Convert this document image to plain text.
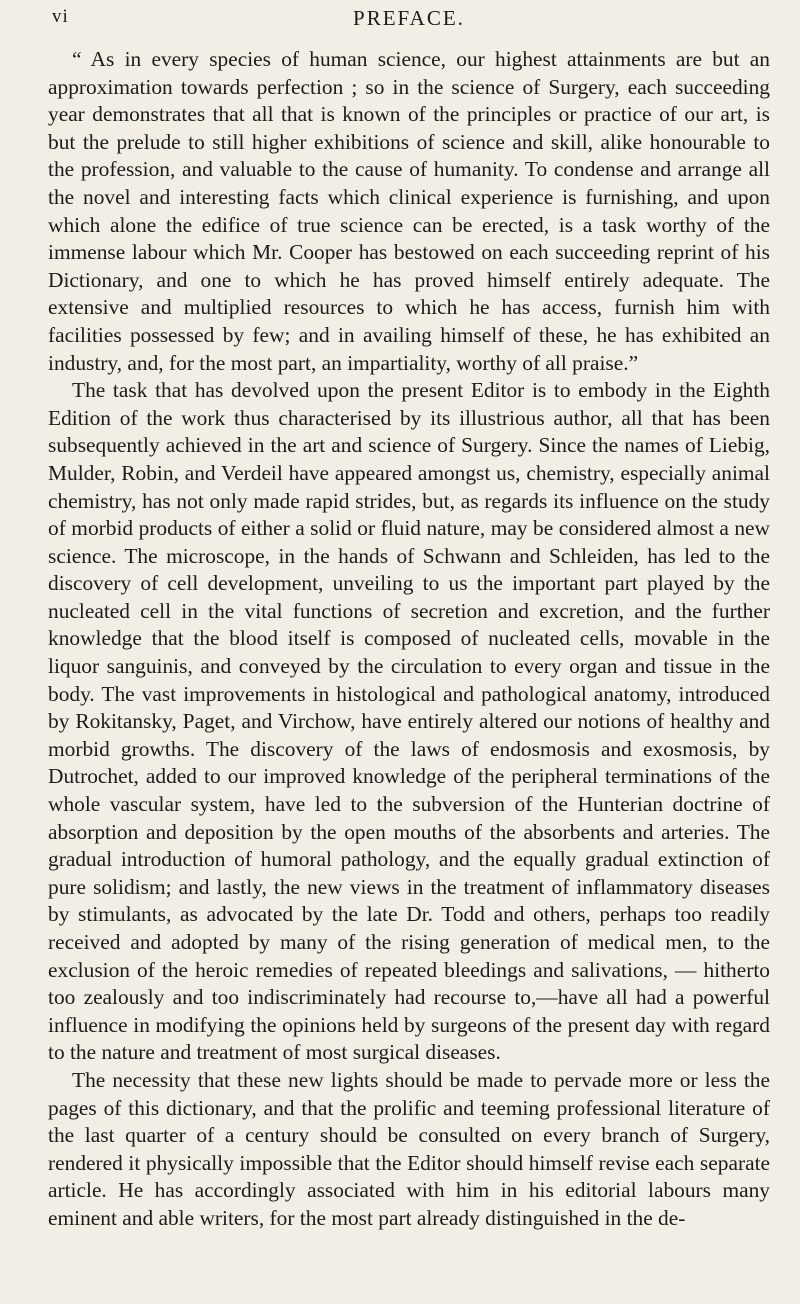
vi	PREFACE.

“ As in every species of human science, our highest attainments are but an approximation towards perfection ; so in the science of Surgery, each succeeding year demonstrates that all that is known of the principles or practice of our art, is but the prelude to still higher exhibitions of science and skill, alike honourable to the profession, and valuable to the cause of humanity. To condense and arrange all the novel and interesting facts which clinical experience is furnishing, and upon which alone the edifice of true science can be erected, is a task worthy of the immense labour which Mr. Cooper has bestowed on each succeeding reprint of his Dictionary, and one to which he has proved himself entirely adequate. The extensive and multiplied resources to which he has access, furnish him with facilities possessed by few; and in availing himself of these, he has exhibited an industry, and, for the most part, an impartiality, worthy of all praise.”

The task that has devolved upon the present Editor is to embody in the Eighth Edition of the work thus characterised by its illustrious author, all that has been subsequently achieved in the art and science of Surgery. Since the names of Liebig, Mulder, Robin, and Verdeil have appeared amongst us, chemistry, especially animal chemistry, has not only made rapid strides, but, as regards its influence on the study of morbid products of either a solid or fluid nature, may be considered almost a new science. The microscope, in the hands of Schwann and Schleiden, has led to the discovery of cell development, unveiling to us the important part played by the nucleated cell in the vital functions of secretion and excretion, and the further knowledge that the blood itself is composed of nucleated cells, movable in the liquor sanguinis, and conveyed by the circulation to every organ and tissue in the body. The vast improvements in histological and pathological anatomy, introduced by Rokitansky, Paget, and Virchow, have entirely altered our notions of healthy and morbid growths. The discovery of the laws of endosmosis and exosmosis, by Dutrochet, added to our improved knowledge of the peripheral terminations of the whole vascular system, have led to the subversion of the Hunterian doctrine of absorption and deposition by the open mouths of the absorbents and arteries. The gradual introduction of humoral pathology, and the equally gradual extinction of pure solidism; and lastly, the new views in the treatment of inflammatory diseases by stimulants, as advocated by the late Dr. Todd and others, perhaps too readily received and adopted by many of the rising generation of medical men, to the exclusion of the heroic remedies of repeated bleedings and salivations, — hitherto too zealously and too indiscriminately had recourse to,—have all had a powerful influence in modifying the opinions held by surgeons of the present day with regard to the nature and treatment of most surgical diseases.

The necessity that these new lights should be made to pervade more or less the pages of this dictionary, and that the prolific and teeming professional literature of the last quarter of a century should be consulted on every branch of Surgery, rendered it physically impossible that the Editor should himself revise each separate article. He has accordingly associated with him in his editorial labours many eminent and able writers, for the most part already distinguished in the de-
